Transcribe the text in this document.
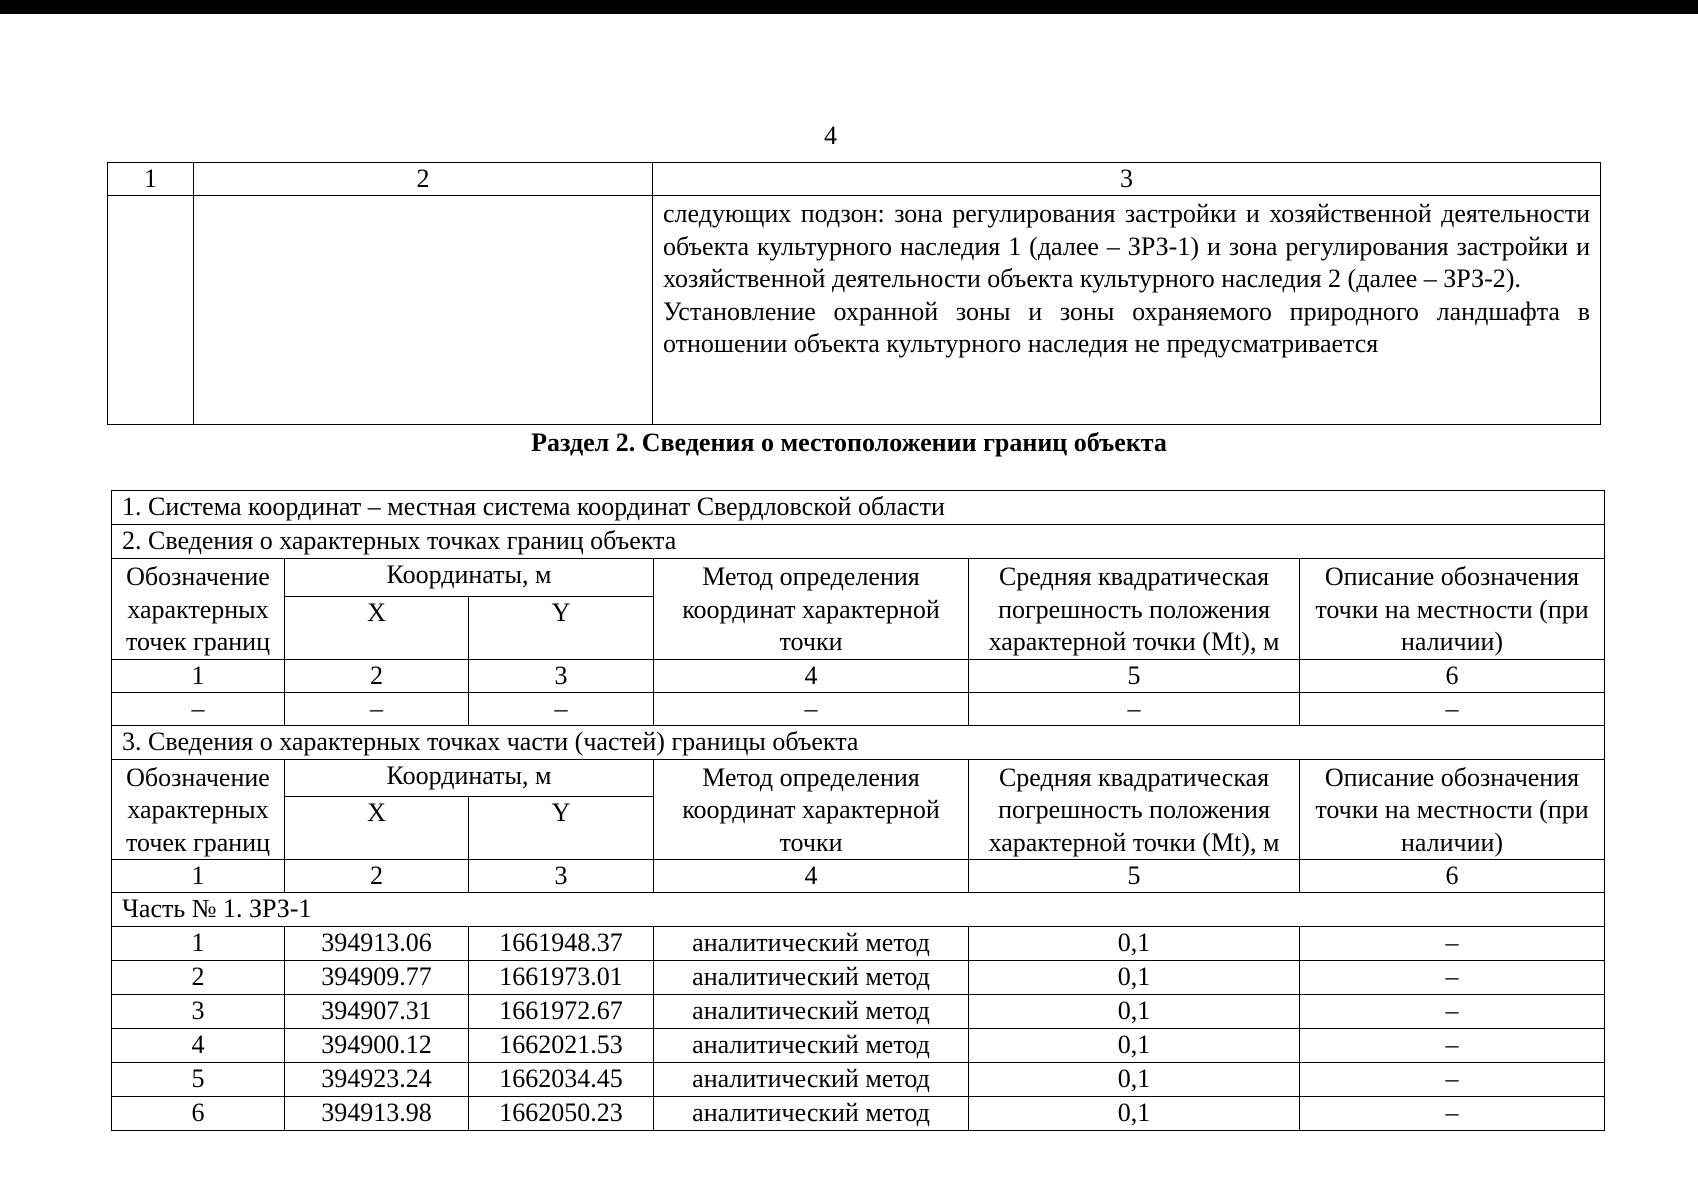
4
1	2	3

		следующих подзон: зона регулирования застройки и хозяйственной деятельности объекта культурного наследия 1 (далее – ЗРЗ-1) и зона регулирования застройки и хозяйственной деятельности объекта культурного наследия 2 (далее – ЗРЗ-2).

Установление охранной зоны и зоны охраняемого природного ландшафта в отношении объекта культурного наследия не предусматривается

Раздел 2. Сведения о местоположении границ объекта
1. Система координат – местная система координат Свердловской области					
2. Сведения о характерных точках границ объекта					
Обозначение характерных точек границ	Координаты, м		Метод определения координат характерной точки	Средняя квадратическая погрешность положения характерной точки (Mt), м	Описание обозначения точки на местности (при наличии)
	X	Y			
1	2	3	4	5	6
–	–	–	–	–	–
3. Сведения о характерных точках части (частей) границы объекта					
Обозначение характерных точек границ	Координаты, м		Метод определения координат характерной точки	Средняя квадратическая погрешность положения характерной точки (Mt), м	Описание обозначения точки на местности (при наличии)
	X	Y			
1	2	3	4	5	6
Часть № 1. ЗРЗ-1					
1	394913.06	1661948.37	аналитический метод	0,1	–
2	394909.77	1661973.01	аналитический метод	0,1	–
3	394907.31	1661972.67	аналитический метод	0,1	–
4	394900.12	1662021.53	аналитический метод	0,1	–
5	394923.24	1662034.45	аналитический метод	0,1	–
6	394913.98	1662050.23	аналитический метод	0,1	–
